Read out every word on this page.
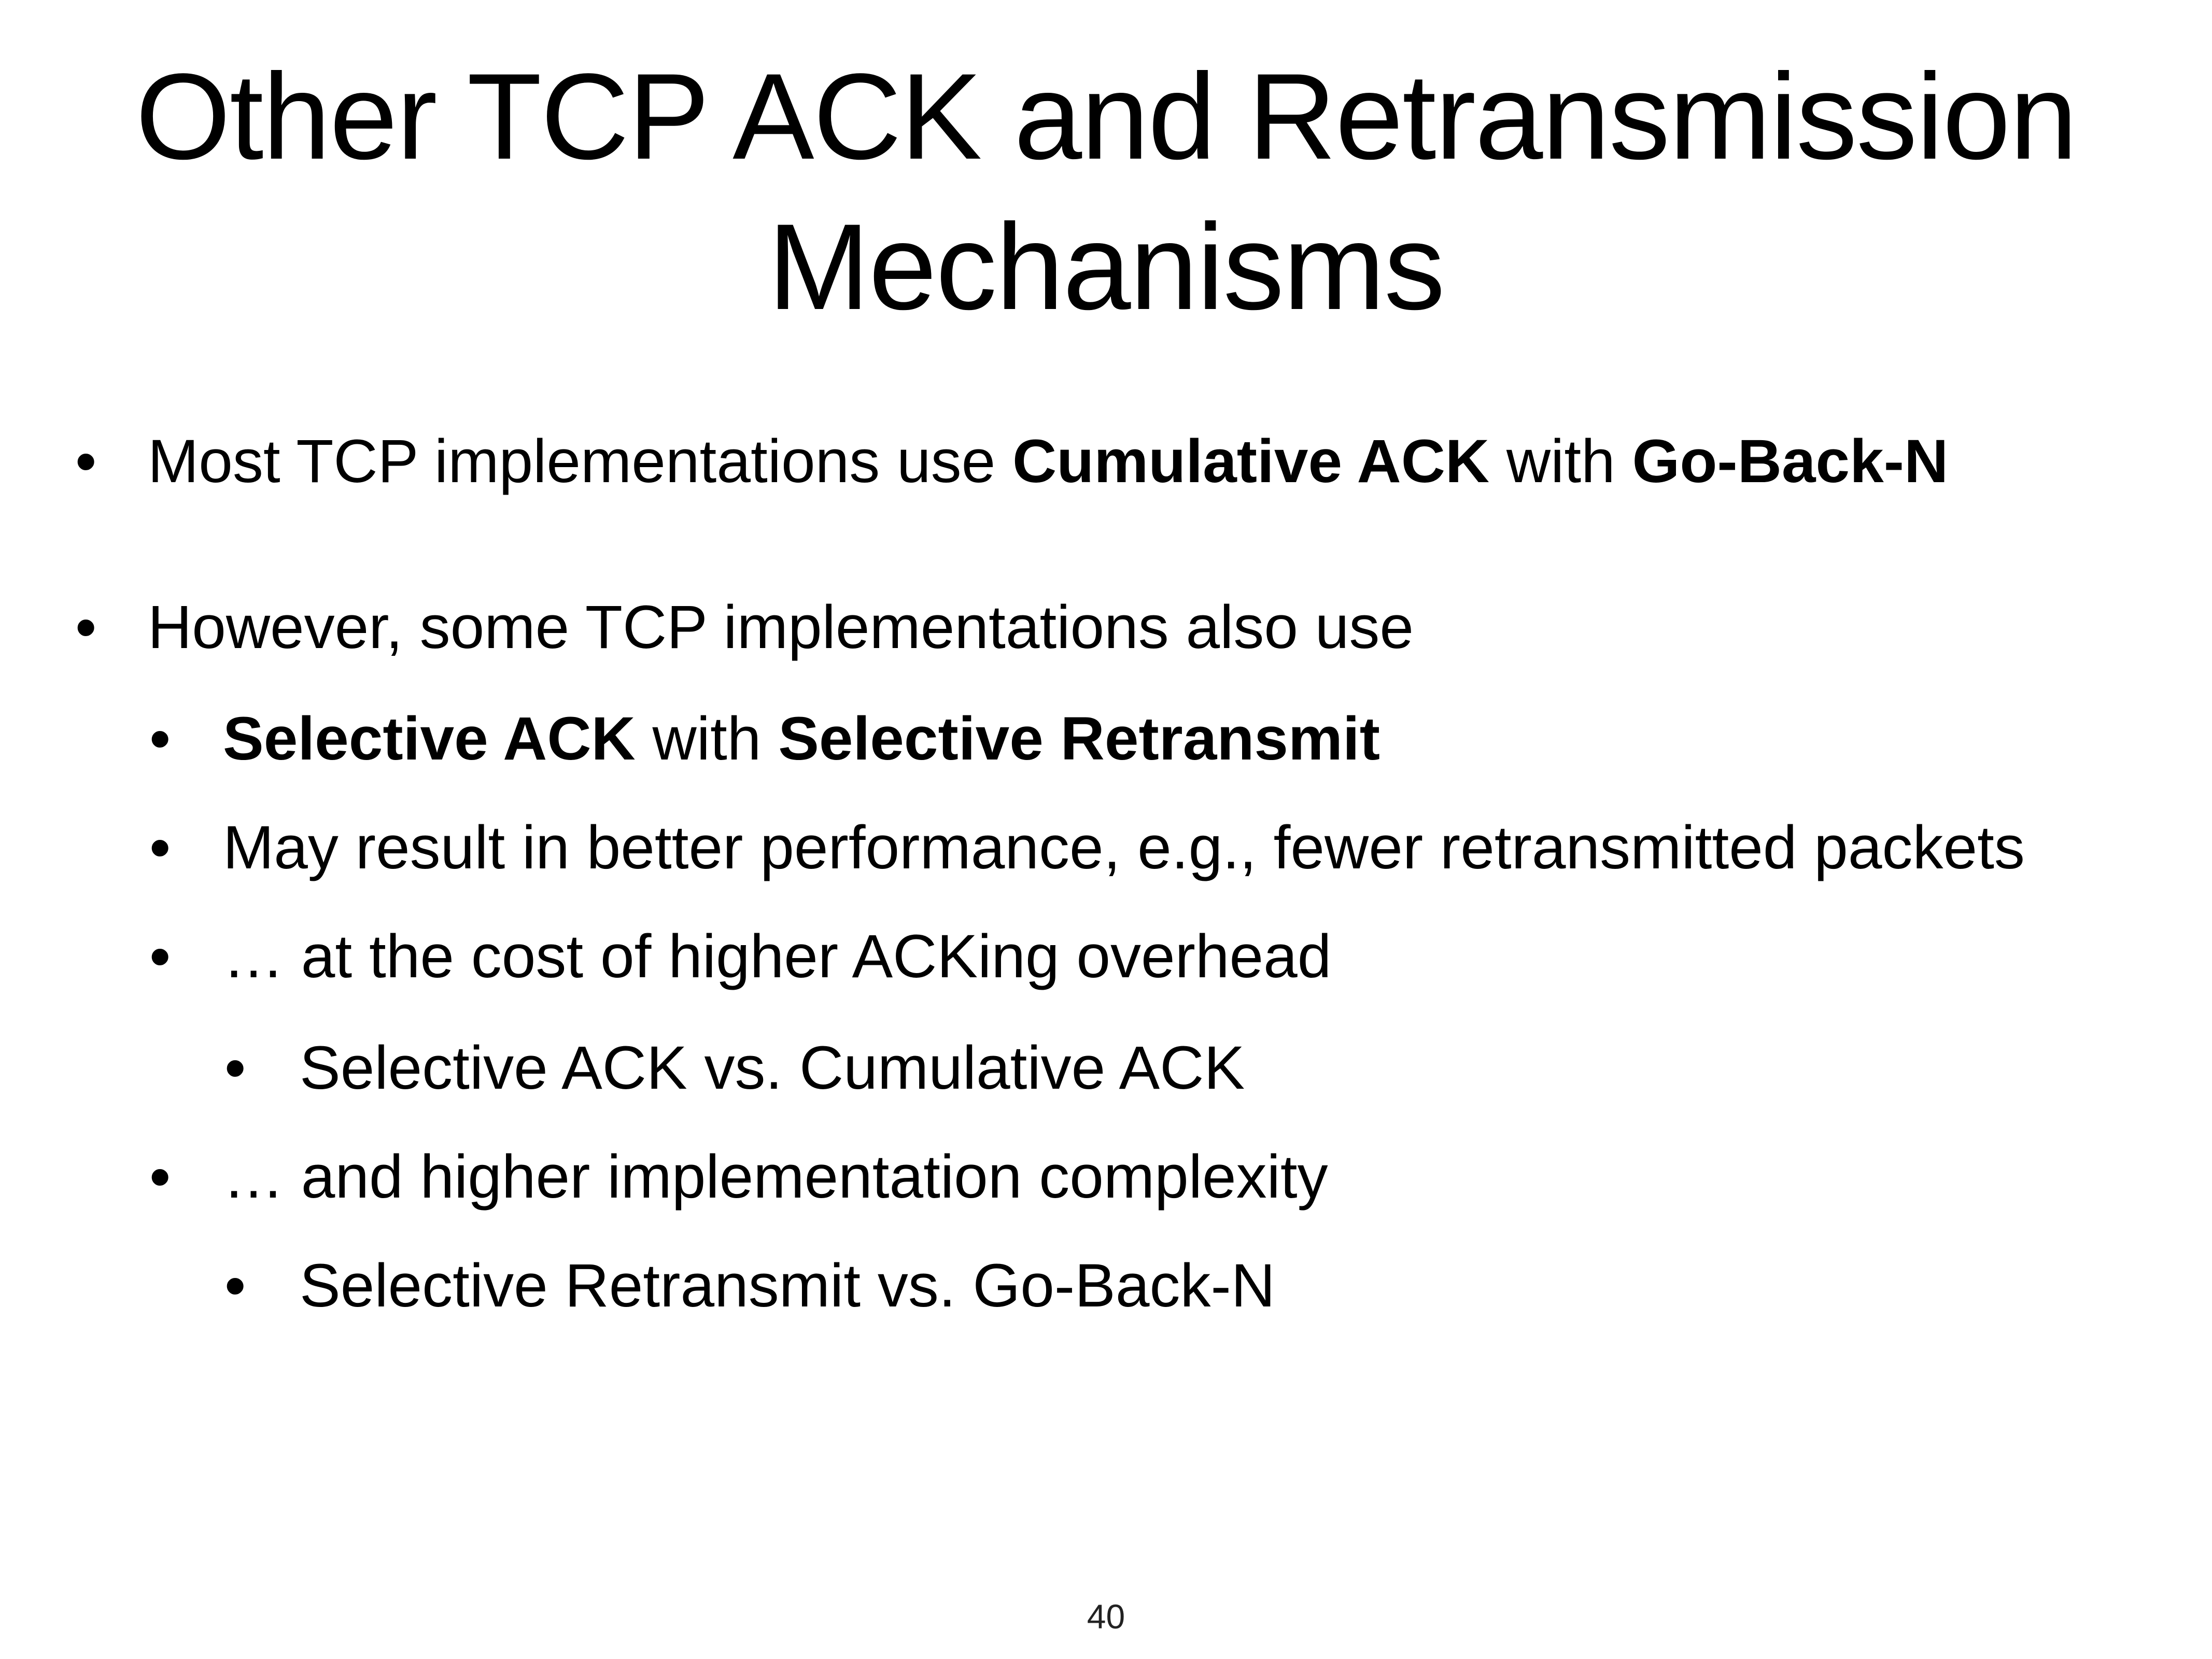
Other TCP ACK and Retransmission
Mechanisms
• Most TCP implementations use Cumulative ACK with Go-Back-N
• However, some TCP implementations also use
• Selective ACK with Selective Retransmit
• May result in better performance, e.g., fewer retransmitted packets
• … at the cost of higher ACKing overhead
• Selective ACK vs. Cumulative ACK
• … and higher implementation complexity
• Selective Retransmit vs. Go-Back-N
40
